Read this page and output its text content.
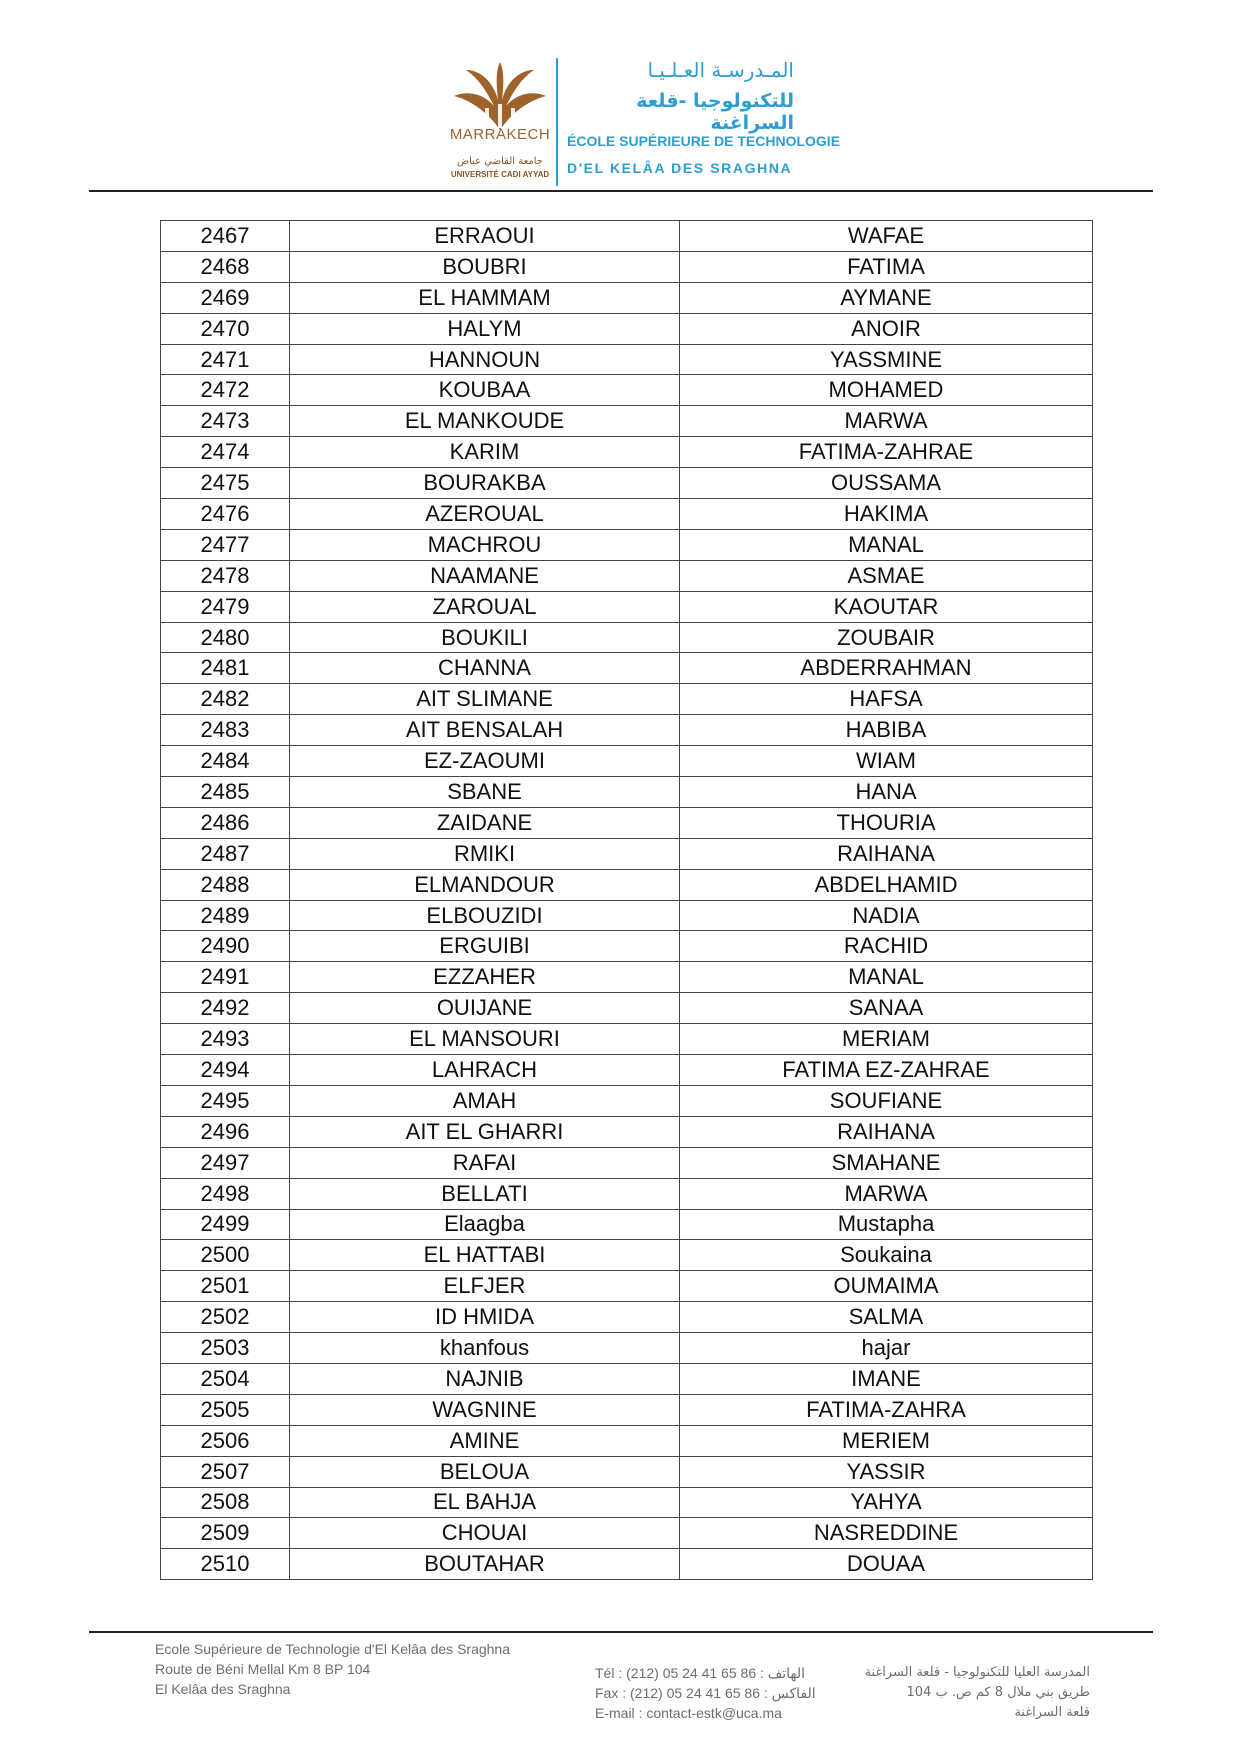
MARRAKECH
جامعة القاضي عياض
UNIVERSITÉ CADI AYYAD
المـدرسـة العـلـيـا
للتكنولوجيا -قلعة السراغنة
ÉCOLE SUPÉRIEURE DE TECHNOLOGIE
D'EL KELÂA DES SRAGHNA
2467	ERRAOUI	WAFAE
2468	BOUBRI	FATIMA
2469	EL HAMMAM	AYMANE
2470	HALYM	ANOIR
2471	HANNOUN	YASSMINE
2472	KOUBAA	MOHAMED
2473	EL MANKOUDE	MARWA
2474	KARIM	FATIMA-ZAHRAE
2475	BOURAKBA	OUSSAMA
2476	AZEROUAL	HAKIMA
2477	MACHROU	MANAL
2478	NAAMANE	ASMAE
2479	ZAROUAL	KAOUTAR
2480	BOUKILI	ZOUBAIR
2481	CHANNA	ABDERRAHMAN
2482	AIT SLIMANE	HAFSA
2483	AIT BENSALAH	HABIBA
2484	EZ-ZAOUMI	WIAM
2485	SBANE	HANA
2486	ZAIDANE	THOURIA
2487	RMIKI	RAIHANA
2488	ELMANDOUR	ABDELHAMID
2489	ELBOUZIDI	NADIA
2490	ERGUIBI	RACHID
2491	EZZAHER	MANAL
2492	OUIJANE	SANAA
2493	EL MANSOURI	MERIAM
2494	LAHRACH	FATIMA EZ-ZAHRAE
2495	AMAH	SOUFIANE
2496	AIT EL GHARRI	RAIHANA
2497	RAFAI	SMAHANE
2498	BELLATI	MARWA
2499	Elaagba	Mustapha
2500	EL HATTABI	Soukaina
2501	ELFJER	OUMAIMA
2502	ID HMIDA	SALMA
2503	khanfous	hajar
2504	NAJNIB	IMANE
2505	WAGNINE	FATIMA-ZAHRA
2506	AMINE	MERIEM
2507	BELOUA	YASSIR
2508	EL BAHJA	YAHYA
2509	CHOUAI	NASREDDINE
2510	BOUTAHAR	DOUAA
Ecole Supérieure de Technologie d'El Kelâa des Sraghna
Route de Béni Mellal Km 8 BP 104
El Kelâa des Sraghna
Tél : (212) 05 24 41 65 86 : الهاتف
Fax : (212) 05 24 41 65 86 : الفاكس
E-mail : contact-estk@uca.ma
المدرسة العليا للتكنولوجيا - قلعة السراغنة
طريق بني ملال 8 كم ص. ب 104
قلعة السراغنة
